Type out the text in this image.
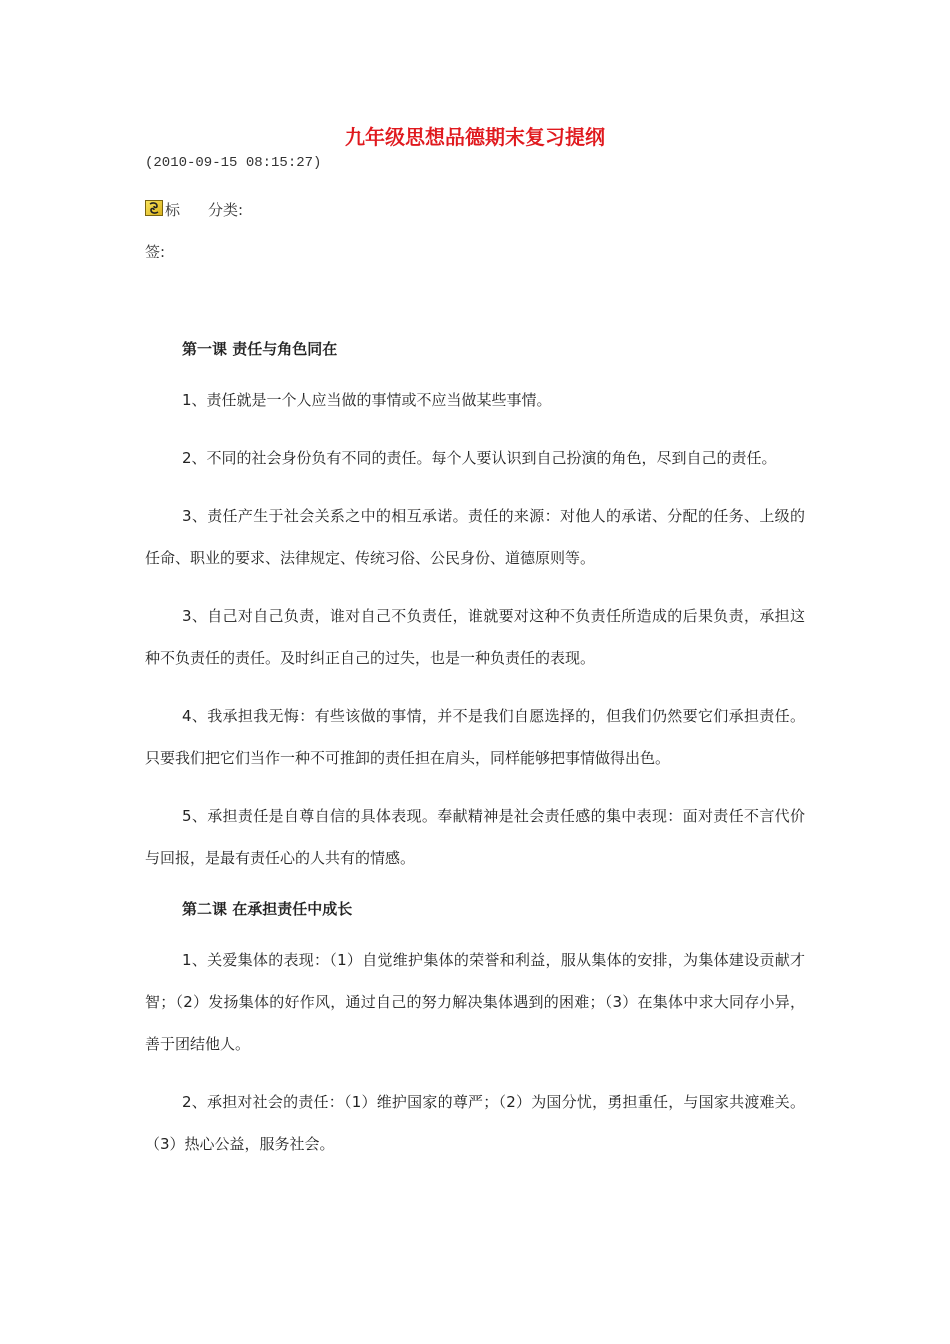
九年级思想品德期末复习提纲
(2010-09-15 08:15:27)
标 分类:
签:

第一课 责任与角色同在

1、责任就是一个人应当做的事情或不应当做某些事情。

2、不同的社会身份负有不同的责任。每个人要认识到自己扮演的角色，尽到自己的责任。

3、责任产生于社会关系之中的相互承诺。责任的来源：对他人的承诺、分配的任务、上级的任命、职业的要求、法律规定、传统习俗、公民身份、道德原则等。

3、自己对自己负责，谁对自己不负责任，谁就要对这种不负责任所造成的后果负责，承担这种不负责任的责任。及时纠正自己的过失，也是一种负责任的表现。

4、我承担我无悔：有些该做的事情，并不是我们自愿选择的，但我们仍然要它们承担责任。只要我们把它们当作一种不可推卸的责任担在肩头，同样能够把事情做得出色。

5、承担责任是自尊自信的具体表现。奉献精神是社会责任感的集中表现：面对责任不言代价与回报，是最有责任心的人共有的情感。

第二课 在承担责任中成长

1、关爱集体的表现：（1）自觉维护集体的荣誉和利益，服从集体的安排，为集体建设贡献才智；（2）发扬集体的好作风，通过自己的努力解决集体遇到的困难；（3）在集体中求大同存小异，善于团结他人。

2、承担对社会的责任：（1）维护国家的尊严；（2）为国分忧，勇担重任，与国家共渡难关。（3）热心公益，服务社会。
